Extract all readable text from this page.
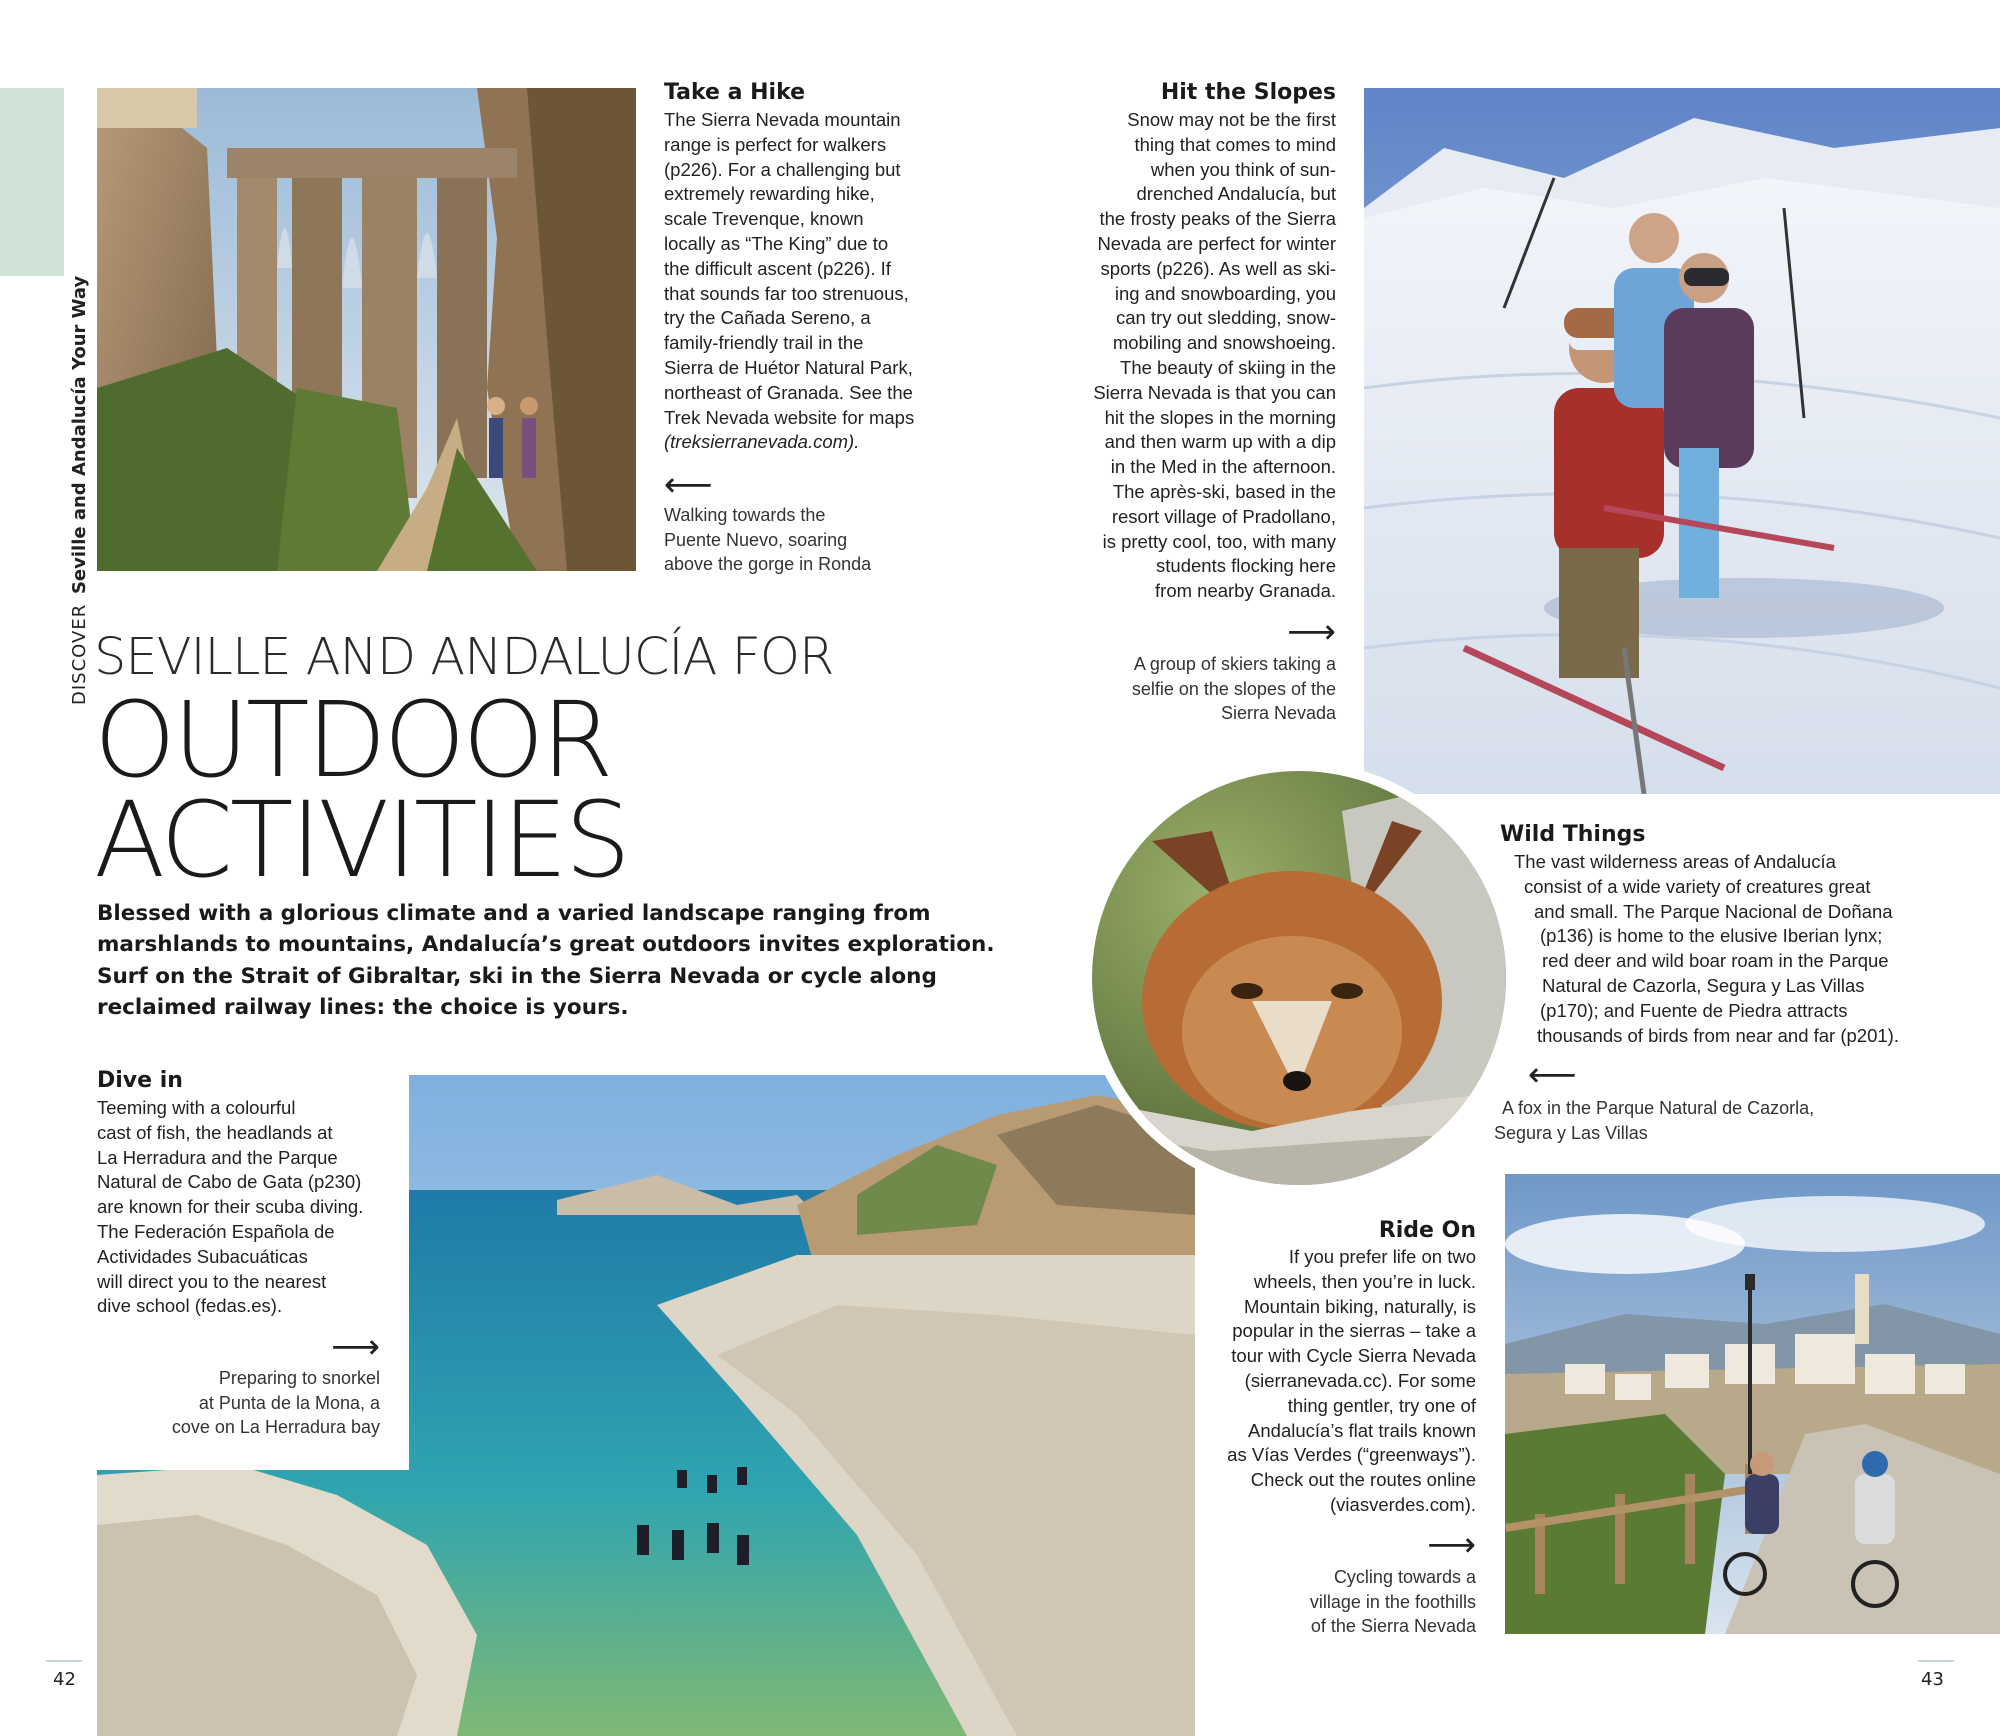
DISCOVER Seville and Andalucía Your Way
Take a Hike
The Sierra Nevada mountain
range is perfect for walkers
(p226). For a challenging but
extremely rewarding hike,
scale Trevenque, known
locally as “The King” due to
the difficult ascent (p226). If
that sounds far too strenuous,
try the Cañada Sereno, a
family-friendly trail in the
Sierra de Huétor Natural Park,
northeast of Granada. See the
Trek Nevada website for maps
(treksierranevada.com).
⟵
Walking towards the
Puente Nuevo, soaring
above the gorge in Ronda
SEVILLE AND ANDALUCÍA FOR
OUTDOOR
ACTIVITIES
Blessed with a glorious climate and a varied landscape ranging from
marshlands to mountains, Andalucía’s great outdoors invites exploration.
Surf on the Strait of Gibraltar, ski in the Sierra Nevada or cycle along
reclaimed railway lines: the choice is yours.
Hit the Slopes
Snow may not be the first
thing that comes to mind
when you think of sun-
drenched Andalucía, but
the frosty peaks of the Sierra
Nevada are perfect for winter
sports (p226). As well as ski-
ing and snowboarding, you
can try out sledding, snow-
mobiling and snowshoeing.
The beauty of skiing in the
Sierra Nevada is that you can
hit the slopes in the morning
and then warm up with a dip
in the Med in the afternoon.
The après-ski, based in the
resort village of Pradollano,
is pretty cool, too, with many
students flocking here
from nearby Granada.
⟶
A group of skiers taking a
selfie on the slopes of the
Sierra Nevada
Dive in
Teeming with a colourful
cast of fish, the headlands at
La Herradura and the Parque
Natural de Cabo de Gata (p230)
are known for their scuba diving.
The Federación Española de
Actividades Subacuáticas
will direct you to the nearest
dive school (fedas.es).
⟶
Preparing to snorkel
at Punta de la Mona, a
cove on La Herradura bay
Wild Things
The vast wilderness areas of Andalucía
consist of a wide variety of creatures great
and small. The Parque Nacional de Doñana
(p136) is home to the elusive Iberian lynx;
red deer and wild boar roam in the Parque
Natural de Cazorla, Segura y Las Villas
(p170); and Fuente de Piedra attracts
thousands of birds from near and far (p201).
⟵
A fox in the Parque Natural de Cazorla,
Segura y Las Villas
Ride On
If you prefer life on two
wheels, then you’re in luck.
Mountain biking, naturally, is
popular in the sierras – take a
tour with Cycle Sierra Nevada
(sierranevada.cc). For some
thing gentler, try one of
Andalucía’s flat trails known
as Vías Verdes (“greenways”).
Check out the routes online
(viasverdes.com).
⟶
Cycling towards a
village in the foothills
of the Sierra Nevada
42	43
